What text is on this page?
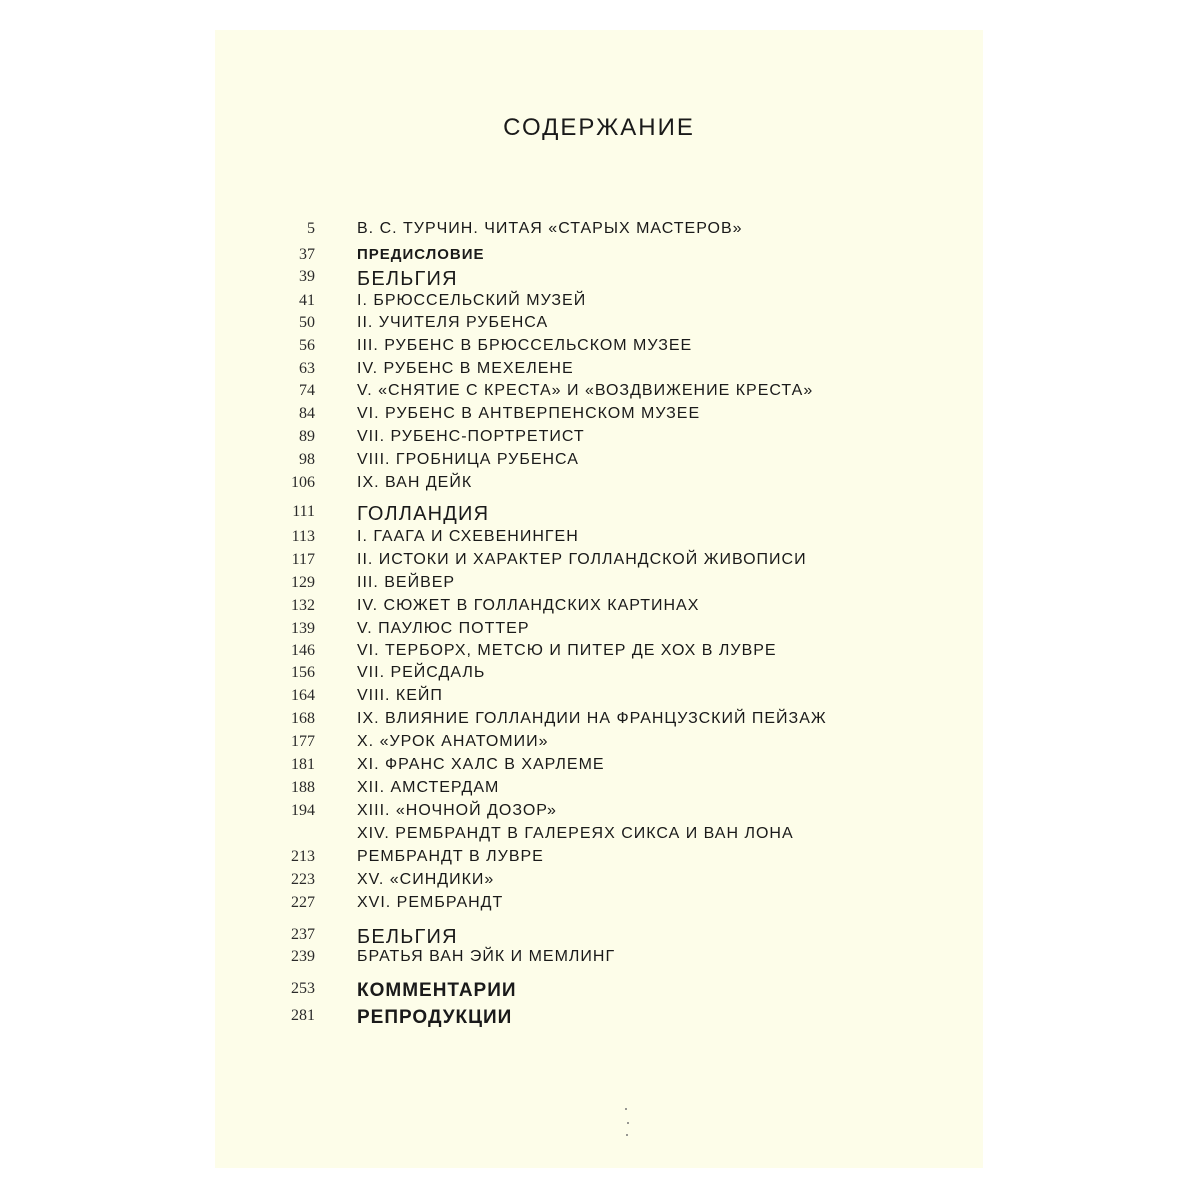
СОДЕРЖАНИЕ
5	В. С. ТУРЧИН. ЧИТАЯ «СТАРЫХ МАСТЕРОВ»
37	ПРЕДИСЛОВИЕ
39 БЕЛЬГИЯ
41	I. БРЮССЕЛЬСКИЙ МУЗЕЙ
50	II. УЧИТЕЛЯ РУБЕНСА
56	III. РУБЕНС В БРЮССЕЛЬСКОМ МУЗЕЕ
63	IV. РУБЕНС В МЕХЕЛЕНЕ
74	V. «СНЯТИЕ С КРЕСТА» И «ВОЗДВИЖЕНИЕ КРЕСТА»
84	VI. РУБЕНС В АНТВЕРПЕНСКОМ МУЗЕЕ
89	VII. РУБЕНС-ПОРТРЕТИСТ
98	VIII. ГРОБНИЦА РУБЕНСА
106	IX. ВАН ДЕЙК
111 ГОЛЛАНДИЯ
113	I. ГААГА И СХЕВЕНИНГЕН
117	II. ИСТОКИ И ХАРАКТЕР ГОЛЛАНДСКОЙ ЖИВОПИСИ
129	III. ВЕЙВЕР
132	IV. СЮЖЕТ В ГОЛЛАНДСКИХ КАРТИНАХ
139	V. ПАУЛЮС ПОТТЕР
146	VI. ТЕРБОРХ, МЕТСЮ И ПИТЕР ДЕ ХОХ В ЛУВРЕ
156	VII. РЕЙСДАЛЬ
164	VIII. КЕЙП
168	IX. ВЛИЯНИЕ ГОЛЛАНДИИ НА ФРАНЦУЗСКИЙ ПЕЙЗАЖ
177	X. «УРОК АНАТОМИИ»
181	XI. ФРАНС ХАЛС В ХАРЛЕМЕ
188	XII. АМСТЕРДАМ
194	XIII. «НОЧНОЙ ДОЗОР»
XIV. РЕМБРАНДТ В ГАЛЕРЕЯХ СИКСА И ВАН ЛОНА
213	РЕМБРАНДТ В ЛУВРЕ
223	XV. «СИНДИКИ»
227	XVI. РЕМБРАНДТ
237 БЕЛЬГИЯ
239	БРАТЬЯ ВАН ЭЙК И МЕМЛИНГ
253 КОММЕНТАРИИ
281 РЕПРОДУКЦИИ
